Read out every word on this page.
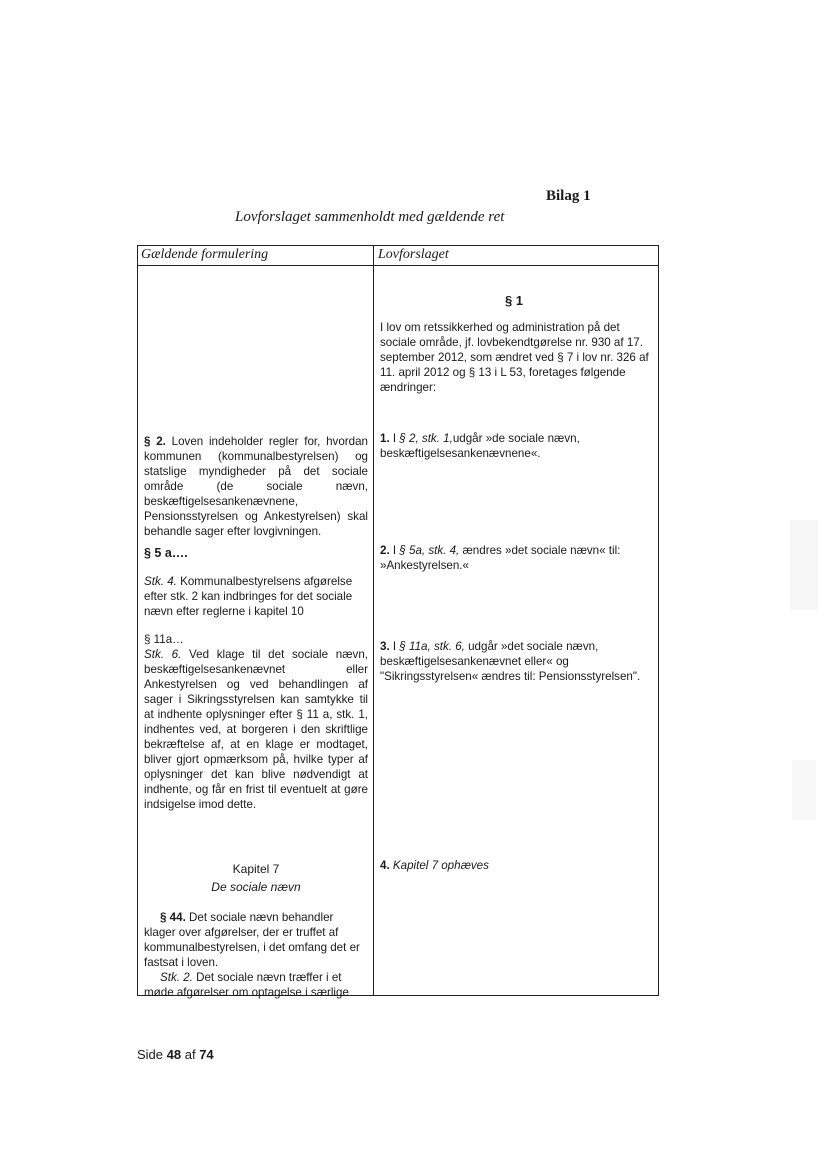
Bilag 1
Lovforslaget sammenholdt med gældende ret
Gældende formulering	Lovforslaget
§ 1
I lov om retssikkerhed og administration på det sociale område, jf. lovbekendtgørelse nr. 930 af 17. september 2012, som ændret ved § 7 i lov nr. 326 af 11. april 2012 og § 13 i L 53, foretages følgende ændringer:
1. I § 2, stk. 1,udgår »de sociale nævn, beskæftigelsesankenævnene«.
2. I § 5a, stk. 4, ændres »det sociale nævn« til: »Ankestyrelsen.«
3. I § 11a, stk. 6, udgår »det sociale nævn, beskæftigelsesankenævnet eller« og "Sikringsstyrelsen« ændres til: Pensionsstyrelsen".
4. Kapitel 7 ophæves
§ 2. Loven indeholder regler for, hvordan kommunen (kommunalbestyrelsen) og statslige myndigheder på det sociale område (de sociale nævn, beskæftigelsesankenævnene, Pensionsstyrelsen og Ankestyrelsen) skal behandle sager efter lovgivningen.
§ 5 a….
Stk. 4. Kommunalbestyrelsens afgørelse efter stk. 2 kan indbringes for det sociale nævn efter reglerne i kapitel 10
§ 11a…
Stk. 6. Ved klage til det sociale nævn, beskæftigelsesankenævnet eller Ankestyrelsen og ved behandlingen af sager i Sikringsstyrelsen kan samtykke til at indhente oplysninger efter § 11 a, stk. 1, indhentes ved, at borgeren i den skriftlige bekræftelse af, at en klage er modtaget, bliver gjort opmærksom på, hvilke typer af oplysninger det kan blive nødvendigt at indhente, og får en frist til eventuelt at gøre indsigelse imod dette.
Kapitel 7
De sociale nævn

§ 44. Det sociale nævn behandler klager over afgørelser, der er truffet af kommunalbestyrelsen, i det omfang det er fastsat i loven.

Stk. 2. Det sociale nævn træffer i et møde afgørelser om optagelse i særlige

Side 48 af 74
